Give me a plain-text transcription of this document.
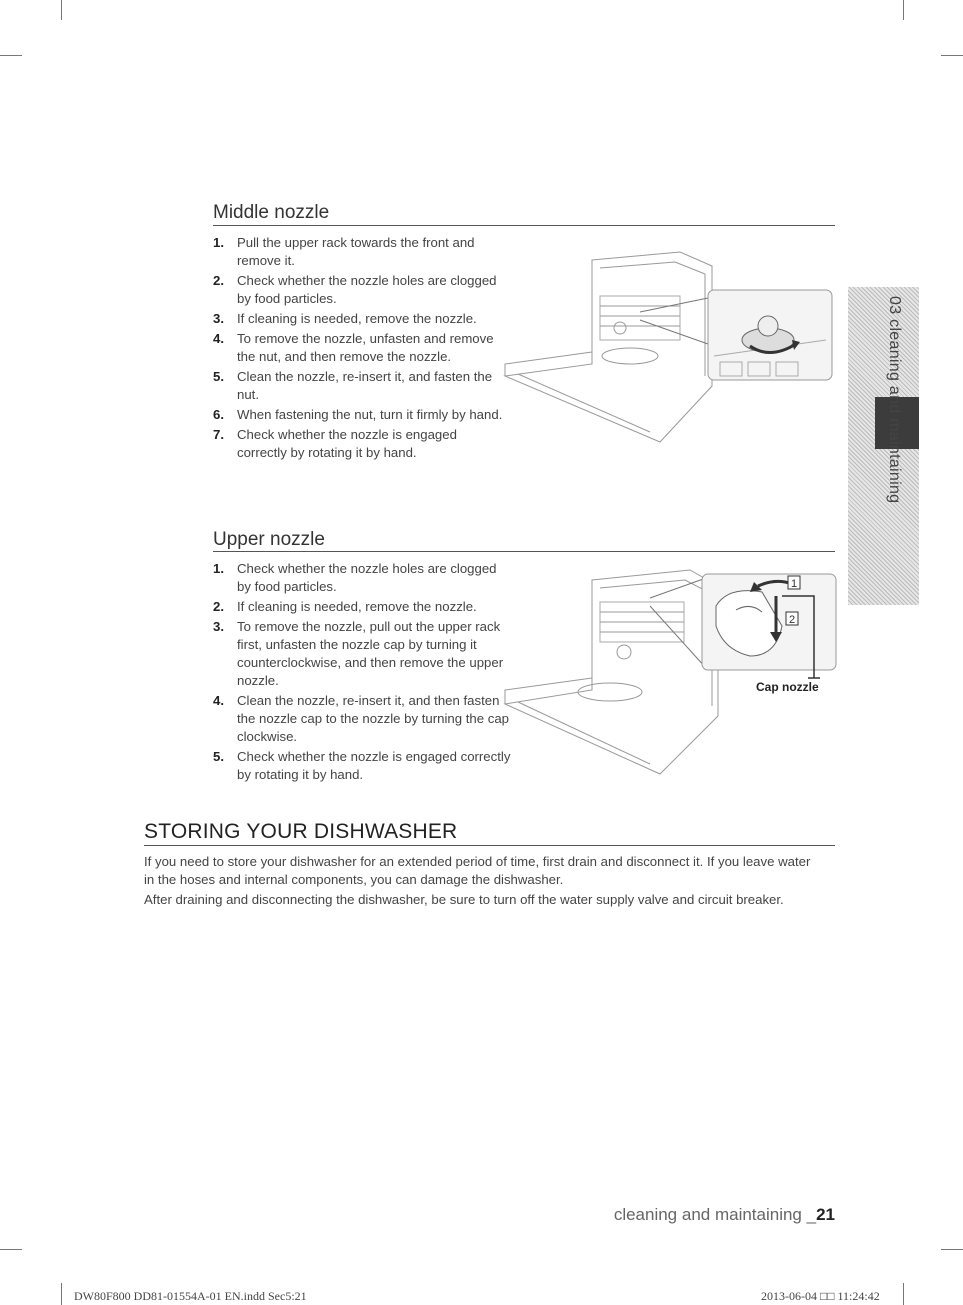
Middle nozzle
1. Pull the upper rack towards the front and remove it.
2. Check whether the nozzle holes are clogged by food particles.
3. If cleaning is needed, remove the nozzle.
4. To remove the nozzle, unfasten and remove the nut, and then remove the nozzle.
5. Clean the nozzle, re-insert it, and fasten the nut.
6. When fastening the nut, turn it firmly by hand.
7. Check whether the nozzle is engaged correctly by rotating it by hand.
Upper nozzle
1. Check whether the nozzle holes are clogged by food particles.
2. If cleaning is needed, remove the nozzle.
3. To remove the nozzle, pull out the upper rack first, unfasten the nozzle cap by turning it counterclockwise, and then remove the upper nozzle.
4. Clean the nozzle, re-insert it, and then fasten the nozzle cap to the nozzle by turning the cap clockwise.
5. Check whether the nozzle is engaged correctly by rotating it by hand.
1
2
Cap nozzle
STORING YOUR DISHWASHER

If you need to store your dishwasher for an extended period of time, first drain and disconnect it. If you leave water in the hoses and internal components, you can damage the dishwasher.

After draining and disconnecting the dishwasher, be sure to turn off the water supply valve and circuit breaker.

03 cleaning and maintaining
cleaning and maintaining _21
DW80F800 DD81-01554A-01 EN.indd Sec5:21	2013-06-04 □□ 11:24:42
